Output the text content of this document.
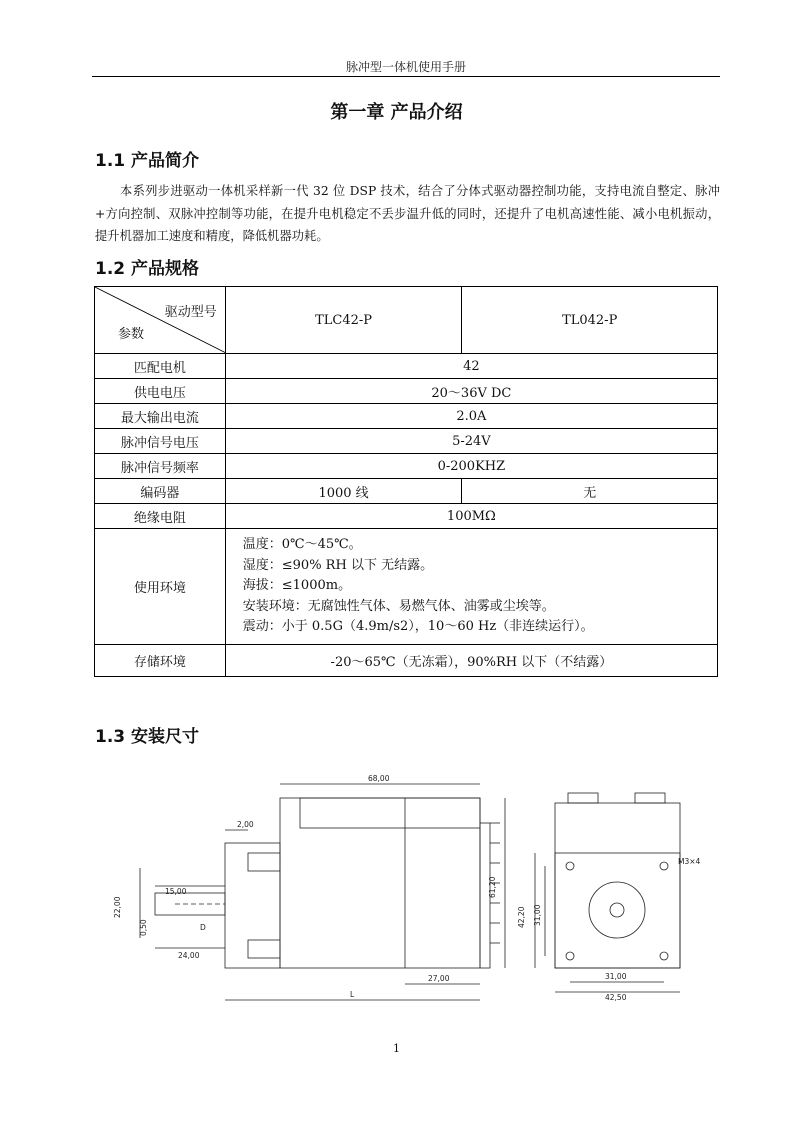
脉冲型一体机使用手册
第一章 产品介绍
1.1 产品简介
本系列步进驱动一体机采样新一代 32 位 DSP 技术，结合了分体式驱动器控制功能，支持电流自整定、脉冲+方向控制、双脉冲控制等功能，在提升电机稳定不丢步温升低的同时，还提升了电机高速性能、减小电机振动，提升机器加工速度和精度，降低机器功耗。
1.2 产品规格
驱动型号
参数	TLC42-P	TL042-P
匹配电机	42	
供电电压	20～36V DC	
最大输出电流	2.0A	
脉冲信号电压	5-24V	
脉冲信号频率	0-200KHZ	
编码器	1000 线	无
绝缘电阻	100MΩ	
使用环境	温度：0℃～45℃。
湿度：≤90% RH 以下 无结露。
海拔：≤1000m。
安装环境：无腐蚀性气体、易燃气体、油雾或尘埃等。
震动：小于 0.5G（4.9m/s2），10～60 Hz（非连续运行）。	

存储环境	-20～65℃（无冻霜），90%RH 以下（不结露）	
1.3 安装尺寸
68,00
2,00
15,00
22,00
0,50	D
24,00
27,00
L
61,20
42,20 31,00
M3×4
31,00
42,50
1
